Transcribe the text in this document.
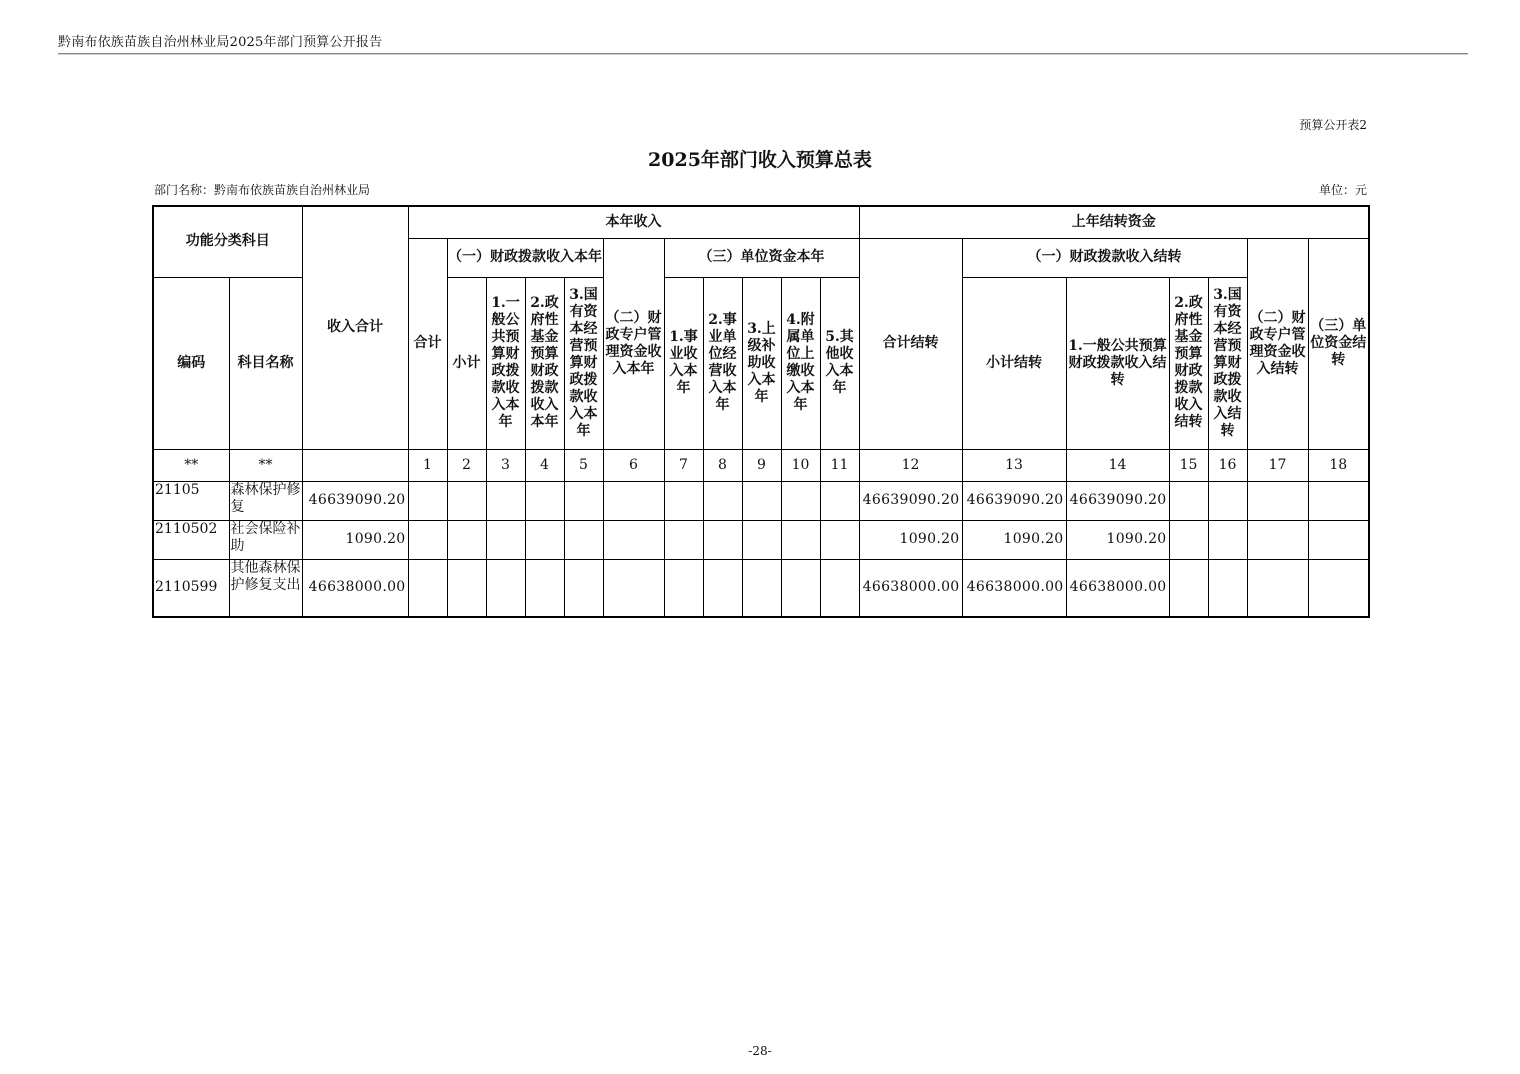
黔南布依族苗族自治州林业局2025年部门预算公开报告
预算公开表2
2025年部门收入预算总表
部门名称：黔南布依族苗族自治州林业局	单位：元
功能分类科目		收入合计	本年收入											上年结转资金						
			合计	（一）财政拨款收入本年				（二）财政专户管理资金收入本年	（三）单位资金本年					合计结转	（一）财政拨款收入结转				（二）财政专户管理资金收入结转	（三）单位资金结转
编码	科目名称			小计	1.一般公共预算财政拨款收入本年	2.政府性基金预算财政拨款收入本年	3.国有资本经营预算财政拨款收入本年		1.事业收入本年	2.事业单位经营收入本年	3.上级补助收入本年	4.附属单位上缴收入本年	5.其他收入本年		小计结转	1.一般公共预算财政拨款收入结转	2.政府性基金预算财政拨款收入结转	3.国有资本经营预算财政拨款收入结转		
**	**		1	2	3	4	5	6	7	8	9	10	11	12	13	14	15	16	17	18
21105	森林保护修复	46639090.20												46639090.20	46639090.20	46639090.20				
2110502	社会保险补助	1090.20												1090.20	1090.20	1090.20				
2110599	其他森林保护修复支出	46638000.00												46638000.00	46638000.00	46638000.00				
-28-
